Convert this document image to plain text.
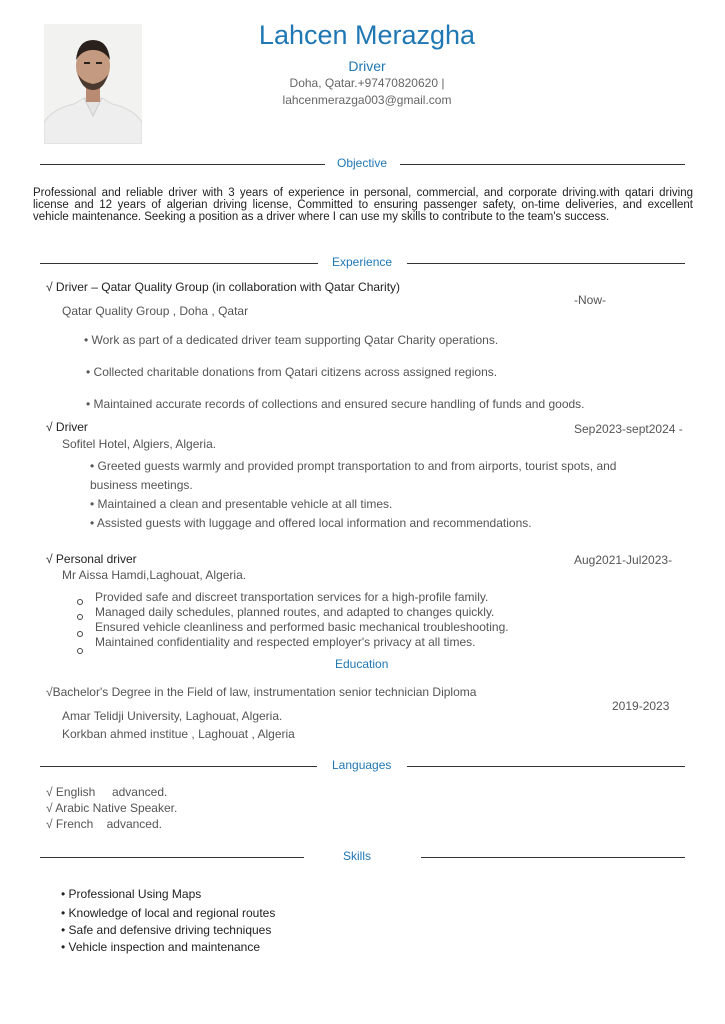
Lahcen Merazgha
Driver
Doha, Qatar.+97470820620 |
lahcenmerazga003@gmail.com
Objective
Professional and reliable driver with 3 years of experience in personal, commercial, and corporate driving.with qatari driving license and 12 years of algerian driving license, Committed to ensuring passenger safety, on-time deliveries, and excellent vehicle maintenance. Seeking a position as a driver where I can use my skills to contribute to the team's success.
Experience
√ Driver – Qatar Quality Group (in collaboration with Qatar Charity)
-Now-
Qatar Quality Group , Doha , Qatar
• Work as part of a dedicated driver team supporting Qatar Charity operations.
• Collected charitable donations from Qatari citizens across assigned regions.
• Maintained accurate records of collections and ensured secure handling of funds and goods.
√ Driver	Sep2023-sept2024 -
Sofitel Hotel, Algiers, Algeria.
• Greeted guests warmly and provided prompt transportation to and from airports, tourist spots, and
business meetings.
• Maintained a clean and presentable vehicle at all times.
• Assisted guests with luggage and offered local information and recommendations.
√ Personal driver	Aug2021-Jul2023-
Mr Aissa Hamdi,Laghouat, Algeria.
Provided safe and discreet transportation services for a high-profile family.
Managed daily schedules, planned routes, and adapted to changes quickly.
Ensured vehicle cleanliness and performed basic mechanical troubleshooting.
Maintained confidentiality and respected employer's privacy at all times.
Education
√Bachelor's Degree in the Field of law, instrumentation senior technician Diploma
2019-2023
Amar Telidji University, Laghouat, Algeria.
Korkban ahmed institue , Laghouat , Algeria
Languages
√ English     advanced.
√ Arabic Native Speaker.
√ French    advanced.
Skills
• Professional Using Maps
• Knowledge of local and regional routes
• Safe and defensive driving techniques
• Vehicle inspection and maintenance
